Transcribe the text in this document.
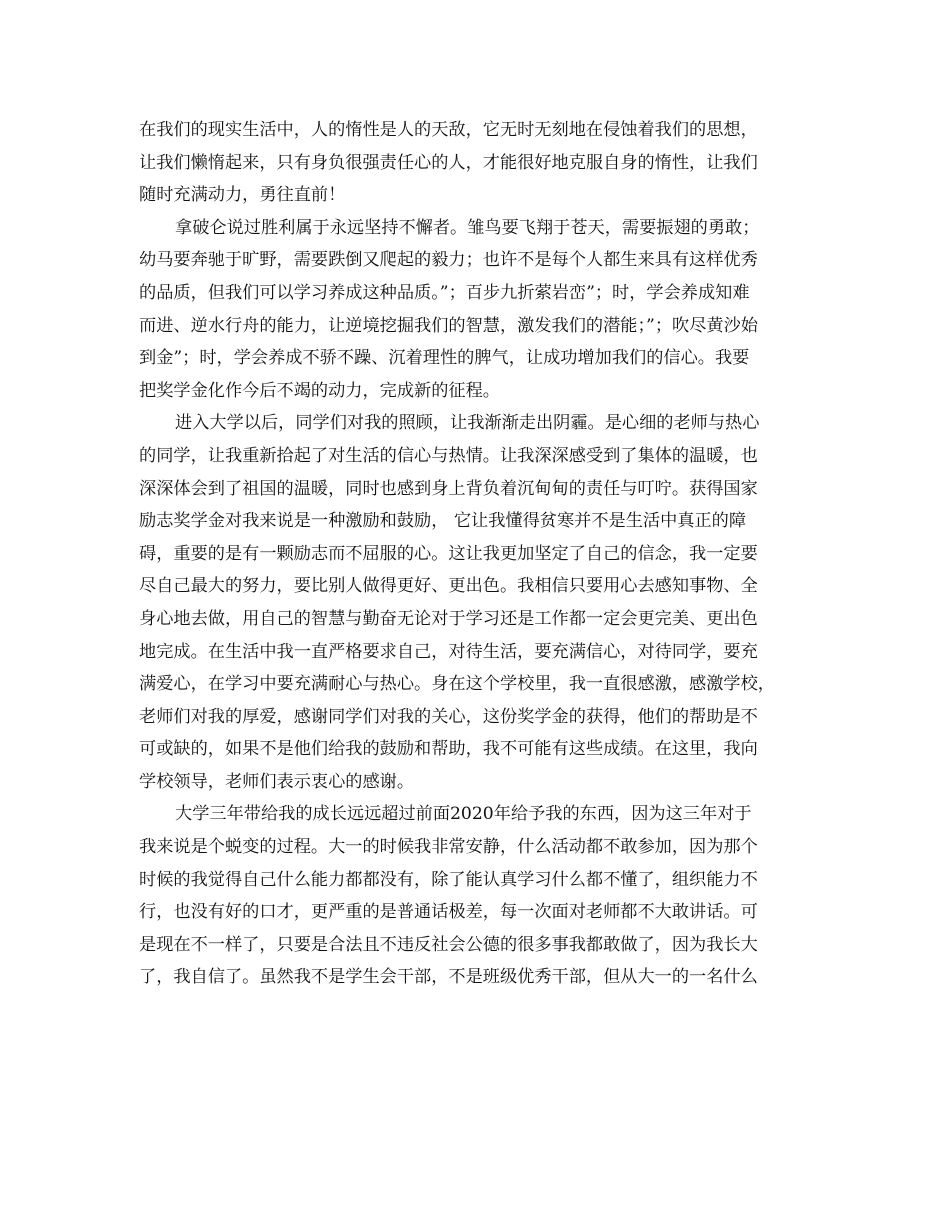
在我们的现实生活中，人的惰性是人的天敌，它无时无刻地在侵蚀着我们的思想，
让我们懒惰起来，只有身负很强责任心的人，才能很好地克服自身的惰性，让我们
随时充满动力，勇往直前！
拿破仑说过胜利属于永远坚持不懈者。雏鸟要飞翔于苍天，需要振翅的勇敢；
幼马要奔驰于旷野，需要跌倒又爬起的毅力；也许不是每个人都生来具有这样优秀
的品质，但我们可以学习养成这种品质。”；百步九折萦岩峦”；时，学会养成知难
而进、逆水行舟的能力，让逆境挖掘我们的智慧，激发我们的潜能；”；吹尽黄沙始
到金”；时，学会养成不骄不躁、沉着理性的脾气，让成功增加我们的信心。我要
把奖学金化作今后不竭的动力，完成新的征程。
进入大学以后，同学们对我的照顾，让我渐渐走出阴霾。是心细的老师与热心
的同学，让我重新拾起了对生活的信心与热情。让我深深感受到了集体的温暖，也
深深体会到了祖国的温暖，同时也感到身上背负着沉甸甸的责任与叮咛。获得国家
励志奖学金对我来说是一种激励和鼓励， 它让我懂得贫寒并不是生活中真正的障
碍，重要的是有一颗励志而不屈服的心。这让我更加坚定了自己的信念，我一定要
尽自己最大的努力，要比别人做得更好、更出色。我相信只要用心去感知事物、全
身心地去做，用自己的智慧与勤奋无论对于学习还是工作都一定会更完美、更出色
地完成。在生活中我一直严格要求自己，对待生活，要充满信心，对待同学，要充
满爱心，在学习中要充满耐心与热心。身在这个学校里，我一直很感激，感激学校，
老师们对我的厚爱，感谢同学们对我的关心，这份奖学金的获得，他们的帮助是不
可或缺的，如果不是他们给我的鼓励和帮助，我不可能有这些成绩。在这里，我向
学校领导，老师们表示衷心的感谢。
大学三年带给我的成长远远超过前面2020年给予我的东西，因为这三年对于
我来说是个蜕变的过程。大一的时候我非常安静，什么活动都不敢参加，因为那个
时候的我觉得自己什么能力都都没有，除了能认真学习什么都不懂了，组织能力不
行，也没有好的口才，更严重的是普通话极差，每一次面对老师都不大敢讲话。可
是现在不一样了，只要是合法且不违反社会公德的很多事我都敢做了，因为我长大
了，我自信了。虽然我不是学生会干部，不是班级优秀干部，但从大一的一名什么
